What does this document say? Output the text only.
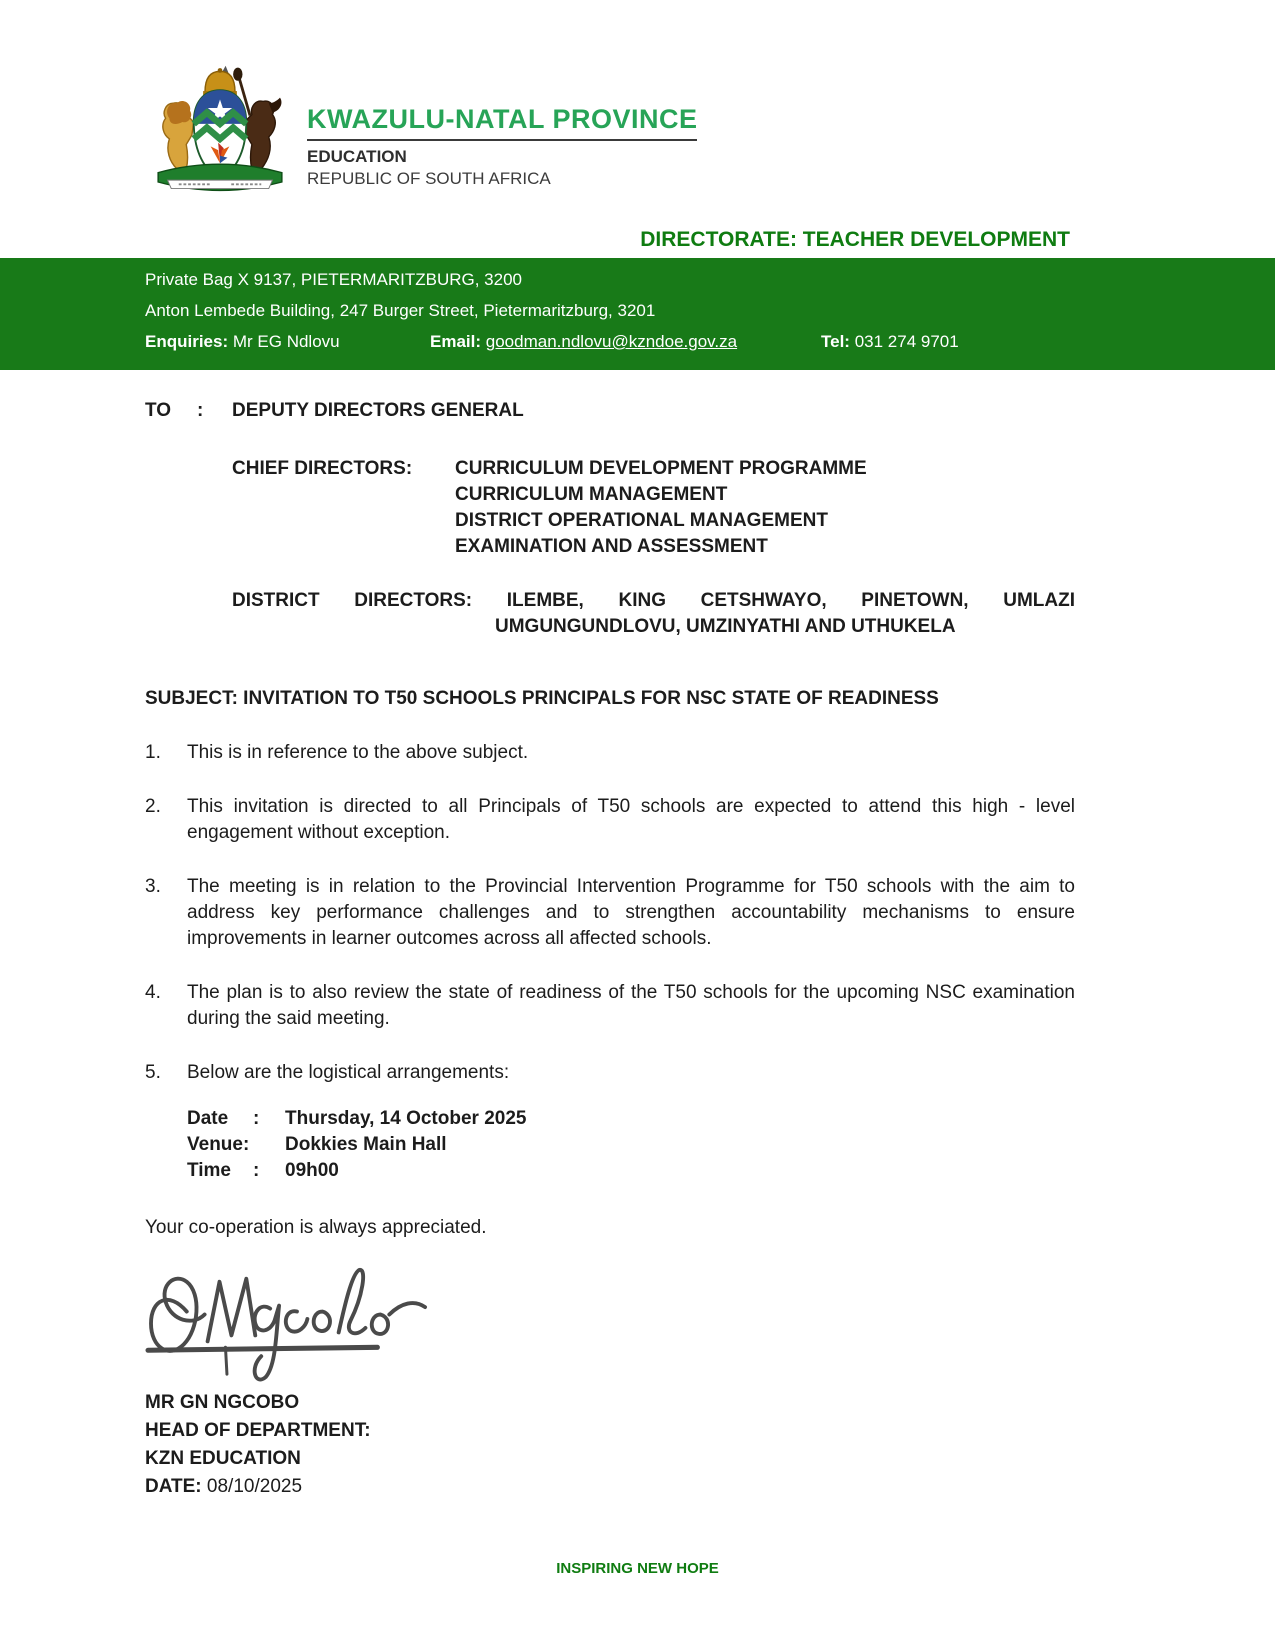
KWAZULU-NATAL PROVINCE
EDUCATION
REPUBLIC OF SOUTH AFRICA
DIRECTORATE: TEACHER DEVELOPMENT
Private Bag X 9137, PIETERMARITZBURG, 3200
Anton Lembede Building, 247 Burger Street, Pietermaritzburg, 3201
Enquiries: Mr EG Ndlovu	Email: goodman.ndlovu@kzndoe.gov.za	Tel: 031 274 9701
TO	:	DEPUTY DIRECTORS GENERAL
CHIEF DIRECTORS:	CURRICULUM DEVELOPMENT PROGRAMME
CURRICULUM MANAGEMENT
DISTRICT OPERATIONAL MANAGEMENT
EXAMINATION AND ASSESSMENT
DISTRICT DIRECTORS: ILEMBE, KING CETSHWAYO, PINETOWN, UMLAZI
UMGUNGUNDLOVU, UMZINYATHI AND UTHUKELA
SUBJECT: INVITATION TO T50 SCHOOLS PRINCIPALS FOR NSC STATE OF READINESS
1.	This is in reference to the above subject.
2.	This invitation is directed to all Principals of T50 schools are expected to attend this high - level engagement without exception.
3.	The meeting is in relation to the Provincial Intervention Programme for T50 schools with the aim to address key performance challenges and to strengthen accountability mechanisms to ensure improvements in learner outcomes across all affected schools.
4.	The plan is to also review the state of readiness of the T50 schools for the upcoming NSC examination during the said meeting.
5.	Below are the logistical arrangements:
Date	:	Thursday, 14 October 2025
Venue: Dokkies Main Hall
Time	:	09h00
Your co-operation is always appreciated.
MR GN NGCOBO
HEAD OF DEPARTMENT:
KZN EDUCATION
DATE: 08/10/2025
INSPIRING NEW HOPE
